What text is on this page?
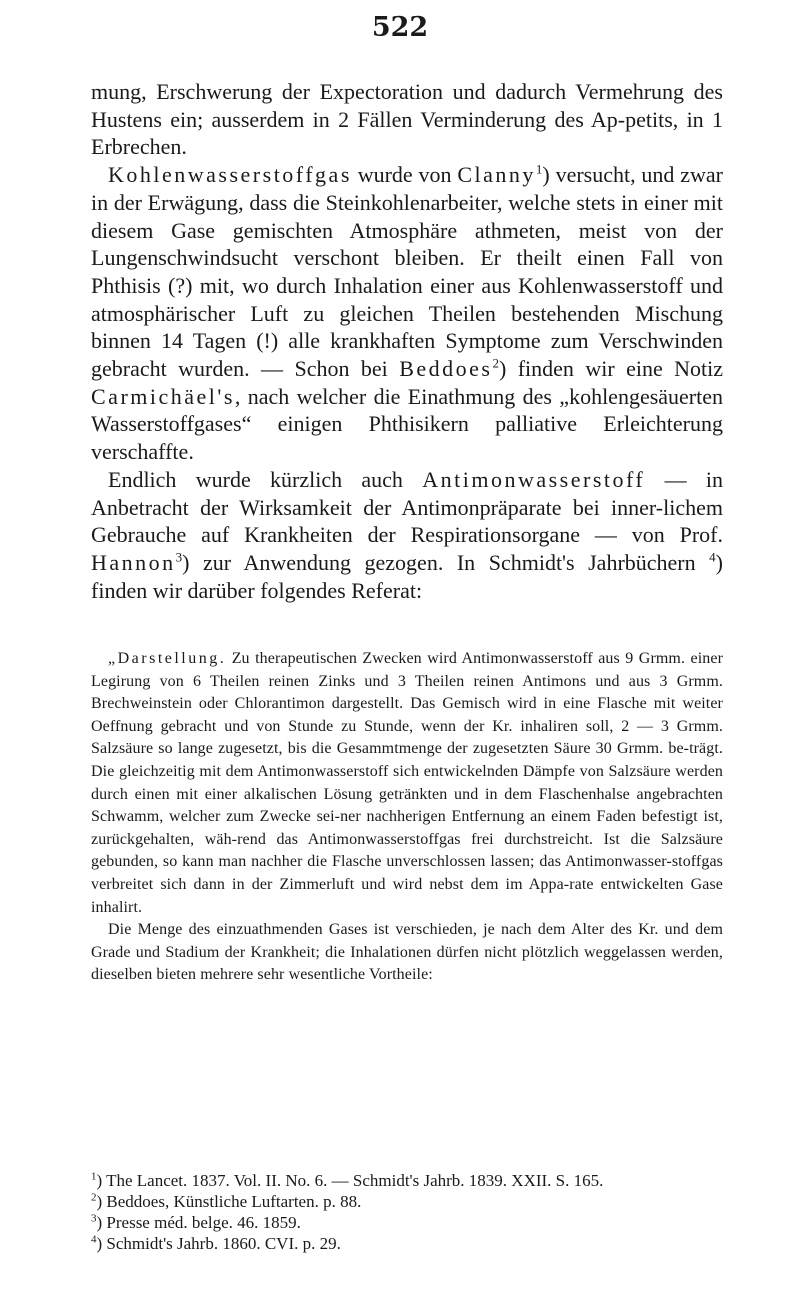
522

mung, Erschwerung der Expectoration und dadurch Vermehrung des Hustens ein; ausserdem in 2 Fällen Verminderung des Ap-petits, in 1 Erbrechen.

Kohlenwasserstoffgas wurde von Clanny$^1$) versucht, und zwar in der Erwägung, dass die Steinkohlenarbeiter, welche stets in einer mit diesem Gase gemischten Atmosphäre athmeten, meist von der Lungenschwindsucht verschont bleiben. Er theilt einen Fall von Phthisis (?) mit, wo durch Inhalation einer aus Kohlenwasserstoff und atmosphärischer Luft zu gleichen Theilen bestehenden Mischung binnen 14 Tagen (!) alle krankhaften Symptome zum Verschwinden gebracht wurden. — Schon bei Beddoes$^2$) finden wir eine Notiz Carmichäel's, nach welcher die Einathmung des „kohlengesäuerten Wasserstoffgases“ einigen Phthisikern palliative Erleichterung verschaffte.

Endlich wurde kürzlich auch Antimonwasserstoff — in Anbetracht der Wirksamkeit der Antimonpräparate bei inner-lichem Gebrauche auf Krankheiten der Respirationsorgane — von Prof. Hannon$^3$) zur Anwendung gezogen. In Schmidt's Jahrbüchern $^4$) finden wir darüber folgendes Referat:

„Darstellung. Zu therapeutischen Zwecken wird Antimonwasserstoff aus 9 Grmm. einer Legirung von 6 Theilen reinen Zinks und 3 Theilen reinen Antimons und aus 3 Grmm. Brechweinstein oder Chlorantimon dargestellt. Das Gemisch wird in eine Flasche mit weiter Oeffnung gebracht und von Stunde zu Stunde, wenn der Kr. inhaliren soll, 2 — 3 Grmm. Salzsäure so lange zugesetzt, bis die Gesammtmenge der zugesetzten Säure 30 Grmm. be-trägt. Die gleichzeitig mit dem Antimonwasserstoff sich entwickelnden Dämpfe von Salzsäure werden durch einen mit einer alkalischen Lösung getränkten und in dem Flaschenhalse angebrachten Schwamm, welcher zum Zwecke sei-ner nachherigen Entfernung an einem Faden befestigt ist, zurückgehalten, wäh-rend das Antimonwasserstoffgas frei durchstreicht. Ist die Salzsäure gebunden, so kann man nachher die Flasche unverschlossen lassen; das Antimonwasser-stoffgas verbreitet sich dann in der Zimmerluft und wird nebst dem im Appa-rate entwickelten Gase inhalirt.

Die Menge des einzuathmenden Gases ist verschieden, je nach dem Alter des Kr. und dem Grade und Stadium der Krankheit; die Inhalationen dürfen nicht plötzlich weggelassen werden, dieselben bieten mehrere sehr wesentliche Vortheile:

$^1$) The Lancet. 1837. Vol. II. No. 6. — Schmidt's Jahrb. 1839. XXII. S. 165.
$^2$) Beddoes, Künstliche Luftarten. p. 88.
$^3$) Presse méd. belge. 46. 1859.
$^4$) Schmidt's Jahrb. 1860. CVI. p. 29.
